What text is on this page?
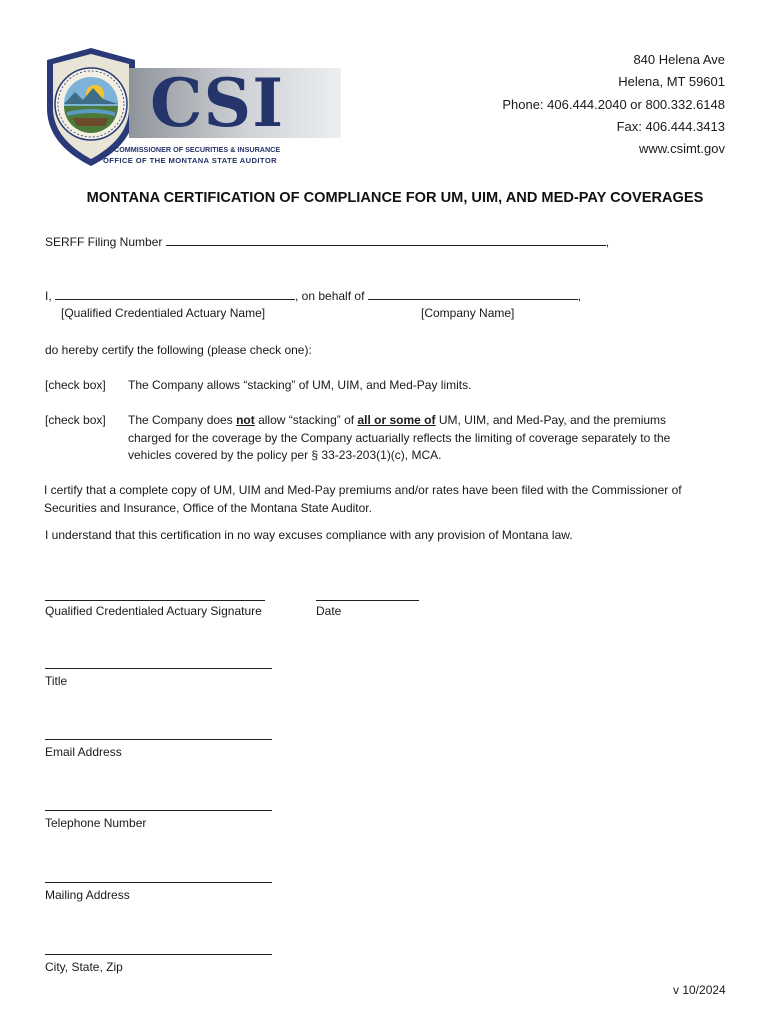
CSI
COMMISSIONER OF SECURITIES & INSURANCE
OFFICE OF THE MONTANA STATE AUDITOR
840 Helena Ave
Helena, MT 59601
Phone: 406.444.2040 or 800.332.6148
Fax: 406.444.3413
www.csimt.gov
MONTANA CERTIFICATION OF COMPLIANCE FOR UM, UIM, AND MED-PAY COVERAGES
SERFF Filing Number	,
I,	, on behalf of	,
[Qualified Credentialed Actuary Name]	[Company Name]
do hereby certify the following (please check one):
[check box] The Company allows “stacking” of UM, UIM, and Med-Pay limits.
[check box] The Company does not allow “stacking” of all or some of UM, UIM, and Med-Pay, and the premiums
charged for the coverage by the Company actuarially reflects the limiting of coverage separately to the
vehicles covered by the policy per § 33-23-203(1)(c), MCA.
I certify that a complete copy of UM, UIM and Med-Pay premiums and/or rates have been filed with the Commissioner of
Securities and Insurance, Office of the Montana State Auditor.
I understand that this certification in no way excuses compliance with any provision of Montana law.
Qualified Credentialed Actuary Signature	Date
Title
Email Address
Telephone Number
Mailing Address
City, State, Zip
v 10/2024
